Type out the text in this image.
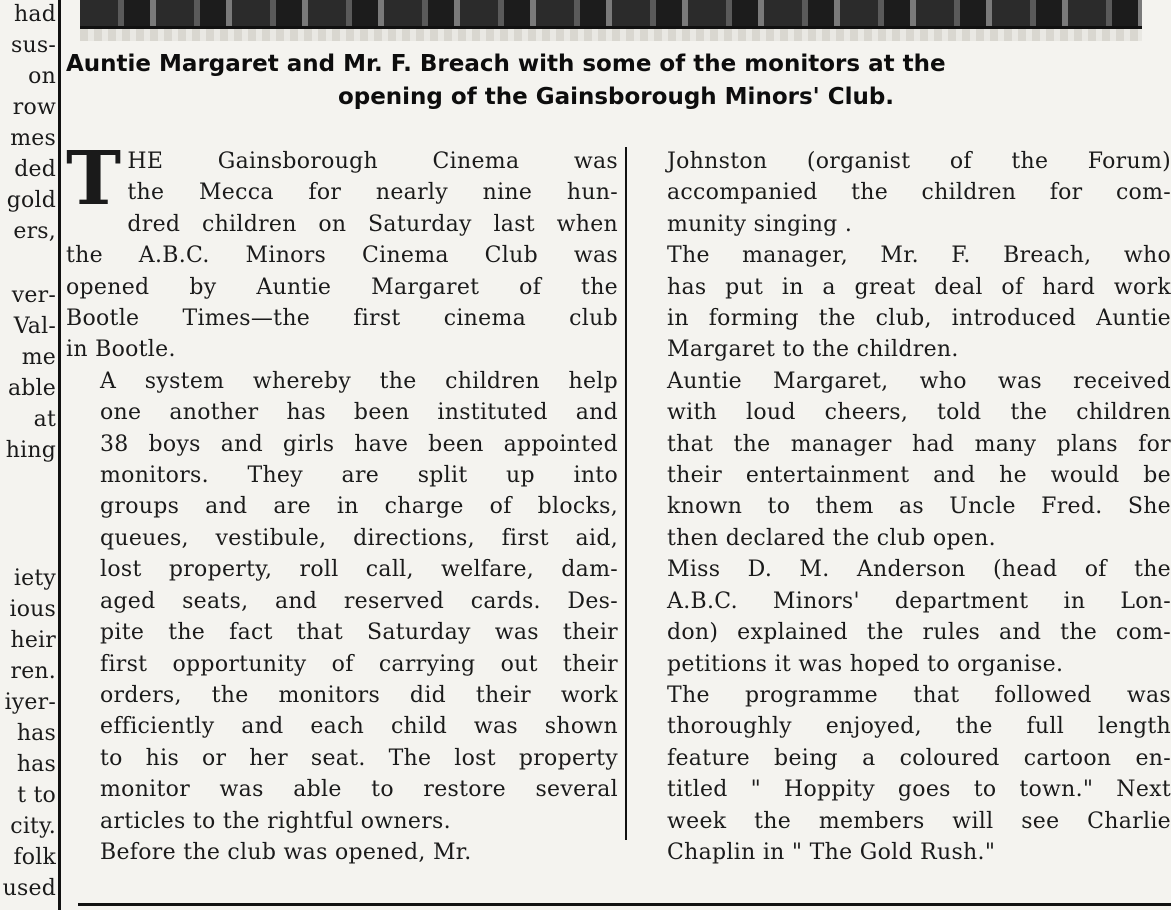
had
sus-
on
row
mes
ded
gold
ers,
ver-
Val-
me
able
at
hing
iety
ious
heir
ren.
iyer-
has
has
t to
city.
folk
used
Auntie Margaret and Mr. F. Breach with some of the monitors at the
opening of the Gainsborough Minors' Club.

T HE Gainsborough Cinema was
the Mecca for nearly nine hun-
dred children on Saturday last when
the A.B.C. Minors Cinema Club was
opened by Auntie Margaret of the
Bootle Times—the first cinema club
in Bootle.

A system whereby the children help
one another has been instituted and
38 boys and girls have been appointed
monitors. They are split up into
groups and are in charge of blocks,
queues, vestibule, directions, first aid,
lost property, roll call, welfare, dam-
aged seats, and reserved cards. Des-
pite the fact that Saturday was their
first opportunity of carrying out their
orders, the monitors did their work
efficiently and each child was shown
to his or her seat. The lost property
monitor was able to restore several
articles to the rightful owners.

Before the club was opened, Mr.

Johnston (organist of the Forum)
accompanied the children for com-
munity singing .

The manager, Mr. F. Breach, who
has put in a great deal of hard work
in forming the club, introduced Auntie
Margaret to the children.

Auntie Margaret, who was received
with loud cheers, told the children
that the manager had many plans for
their entertainment and he would be
known to them as Uncle Fred. She
then declared the club open.

Miss D. M. Anderson (head of the
A.B.C. Minors' department in Lon-
don) explained the rules and the com-
petitions it was hoped to organise.

The programme that followed was
thoroughly enjoyed, the full length
feature being a coloured cartoon en-
titled " Hoppity goes to town." Next
week the members will see Charlie
Chaplin in " The Gold Rush."
